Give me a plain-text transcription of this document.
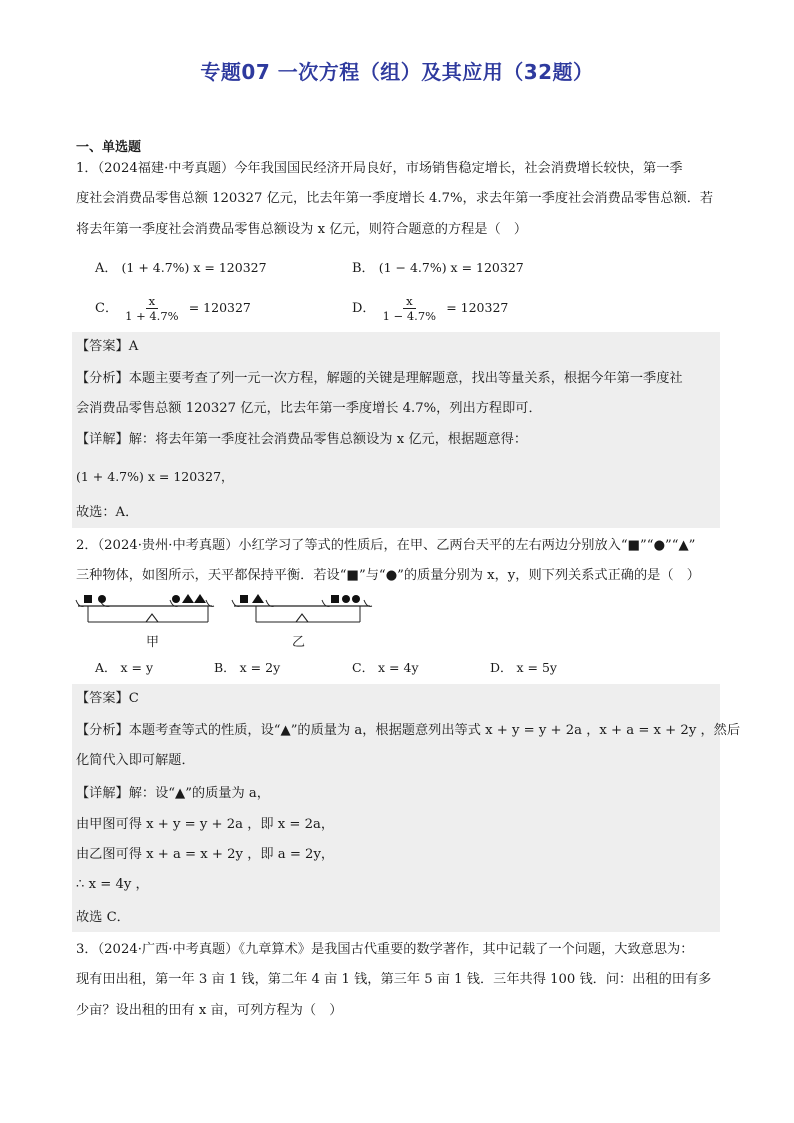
专题07 一次方程（组）及其应用（32题）
一、单选题
1．（2024福建·中考真题）今年我国国民经济开局良好，市场销售稳定增长，社会消费增长较快，第一季
度社会消费品零售总额 120327 亿元，比去年第一季度增长 4.7%，求去年第一季度社会消费品零售总额．若
将去年第一季度社会消费品零售总额设为 x 亿元，则符合题意的方程是（　）
A． (1 + 4.7%) x = 120327	B． (1 − 4.7%) x = 120327
C． $\frac{x}{1 + 4.7\%} = 120327$	D． $\frac{x}{1 - 4.7\%} = 120327$
【答案】A
【分析】本题主要考查了列一元一次方程，解题的关键是理解题意，找出等量关系，根据今年第一季度社
会消费品零售总额 120327 亿元，比去年第一季度增长 4.7%，列出方程即可．
【详解】解：将去年第一季度社会消费品零售总额设为 x 亿元，根据题意得：
(1 + 4.7%) x = 120327，
故选：A．
2．（2024·贵州·中考真题）小红学习了等式的性质后，在甲、乙两台天平的左右两边分别放入“■”“●”“▲”
三种物体，如图所示，天平都保持平衡．若设“■”与“●”的质量分别为 x，y，则下列关系式正确的是（　）
甲	乙
A． x = y	B． x = 2y	C． x = 4y	D． x = 5y
【答案】C
【分析】本题考查等式的性质，设“▲”的质量为 a，根据题意列出等式 x + y = y + 2a ，x + a = x + 2y ，然后
化简代入即可解题．
【详解】解：设“▲”的质量为 a，
由甲图可得 x + y = y + 2a ，即 x = 2a，
由乙图可得 x + a = x + 2y ，即 a = 2y，
∴ x = 4y ，
故选 C．
3．（2024·广西·中考真题）《九章算术》是我国古代重要的数学著作，其中记载了一个问题，大致意思为：
现有田出租，第一年 3 亩 1 钱，第二年 4 亩 1 钱，第三年 5 亩 1 钱．三年共得 100 钱．问：出租的田有多
少亩？设出租的田有 x 亩，可列方程为（　）
